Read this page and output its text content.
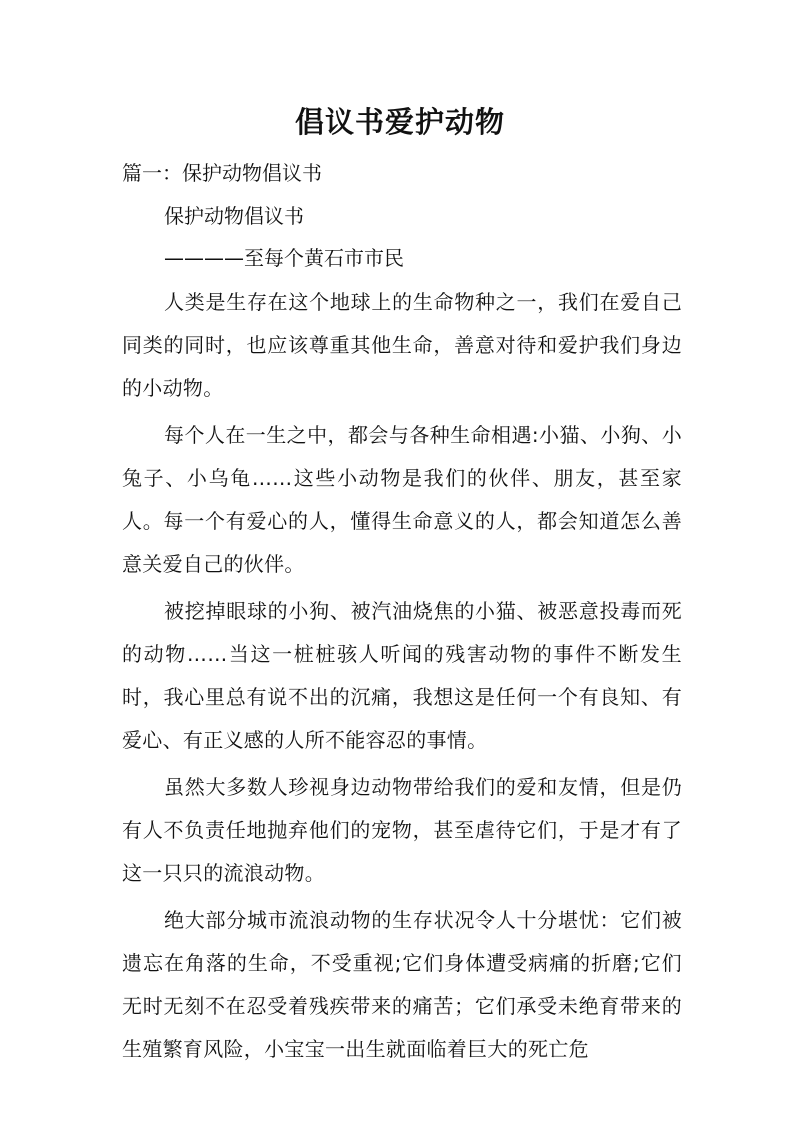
倡议书爱护动物
篇一：保护动物倡议书
保护动物倡议书
————至每个黄石市市民

人类是生存在这个地球上的生命物种之一，我们在爱自己同类的同时，也应该尊重其他生命，善意对待和爱护我们身边的小动物。

每个人在一生之中，都会与各种生命相遇:小猫、小狗、小兔子、小乌龟……这些小动物是我们的伙伴、朋友，甚至家人。每一个有爱心的人，懂得生命意义的人，都会知道怎么善意关爱自己的伙伴。

被挖掉眼球的小狗、被汽油烧焦的小猫、被恶意投毒而死的动物……当这一桩桩骇人听闻的残害动物的事件不断发生时，我心里总有说不出的沉痛，我想这是任何一个有良知、有爱心、有正义感的人所不能容忍的事情。

虽然大多数人珍视身边动物带给我们的爱和友情，但是仍有人不负责任地抛弃他们的宠物，甚至虐待它们，于是才有了这一只只的流浪动物。

绝大部分城市流浪动物的生存状况令人十分堪忧：它们被遗忘在角落的生命，不受重视;它们身体遭受病痛的折磨;它们无时无刻不在忍受着残疾带来的痛苦；它们承受未绝育带来的生殖繁育风险，小宝宝一出生就面临着巨大的死亡危
